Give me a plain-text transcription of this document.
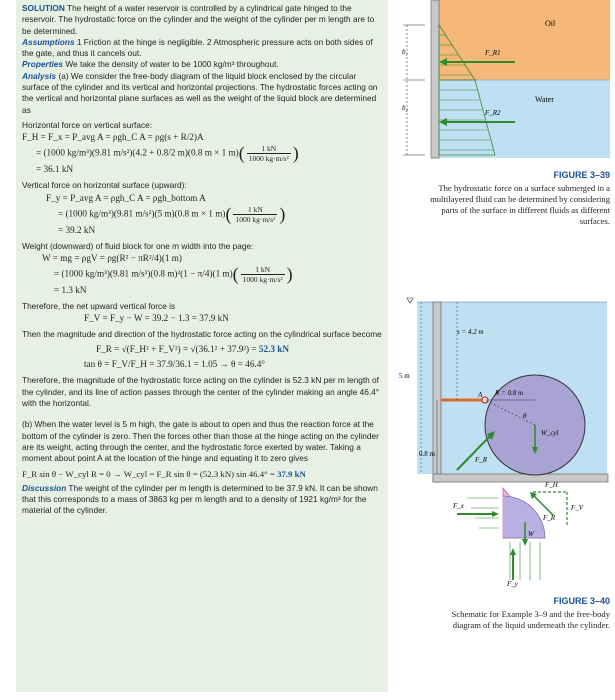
SOLUTION The height of a water reservoir is controlled by a cylindrical gate hinged to the reservoir. The hydrostatic force on the cylinder and the weight of the cylinder per m length are to be determined.

Assumptions 1 Friction at the hinge is negligible. 2 Atmospheric pressure acts on both sides of the gate, and thus it cancels out.

Properties We take the density of water to be 1000 kg/m³ throughout.

Analysis (a) We consider the free-body diagram of the liquid block enclosed by the circular surface of the cylinder and its vertical and horizontal projections. The hydrostatic forces acting on the vertical and horizontal plane surfaces as well as the weight of the liquid block are determined as

Horizontal force on vertical surface:

F_H = F_x = P_avg A = ρgh_C A = ρg(s + R/2)A
= (1000 kg/m³)(9.81 m/s²)(4.2 + 0.8/2 m)(0.8 m × 1 $m)( \frac{1 kN}{\text{1000 kg·m/s²}}$ )
= 36.1 kN

Vertical force on horizontal surface (upward):

F_y = P_avg A = ρgh_C A = ρgh_bottom A
= (1000 kg/m³)(9.81 m/s²)(5 m)(0.8 m × 1 $m)( \frac{1 kN}{\text{1000 kg·m/s²}}$ )
= 39.2 kN

Weight (downward) of fluid block for one m width into the page:

W = mg = ρgV = ρg(R² − πR²/4)(1 m)
= (1000 kg/m³)(9.81 m/s²)(0.8 m)²(1 − π/4)(1 $m)( \frac{1 kN}{\text{1000 kg·m/s²}}$ )
= 1.3 kN

Therefore, the net upward vertical force is

F_V = F_y − W = 39.2 − 1.3 = 37.9 kN

Then the magnitude and direction of the hydrostatic force acting on the cylindrical surface become

F_R = √(F_H² + F_V²) = √(36.1² + 37.9²) = 52.3 kN
tan θ = F_V/F_H = 37.9/36.1 = 1.05 → θ = 46.4°

Therefore, the magnitude of the hydrostatic force acting on the cylinder is 52.3 kN per m length of the cylinder, and its line of action passes through the center of the cylinder making an angle 46.4° with the horizontal.

(b) When the water level is 5 m high, the gate is about to open and thus the reaction force at the bottom of the cylinder is zero. Then the forces other than those at the hinge acting on the cylinder are its weight, acting through the center, and the hydrostatic force exerted by water. Taking a moment about point A at the location of the hinge and equating it to zero gives

F_R sin θ − W_cyl R = 0 → W_cyl = F_R sin θ = (52.3 kN) sin 46.4° = 37.9 kN

Discussion The weight of the cylinder per m length is determined to be 37.9 kN. It can be shown that this corresponds to a mass of 3863 kg per m length and to a density of 1921 kg/m³ for the material of the cylinder.

b₁
b₂
F_R1
F_R2
Oil
Water
FIGURE 3–39
The hydrostatic force on a surface submerged in a multilayered fluid can be determined by considering parts of the surface in different fluids as different surfaces.
s = 4.2 m
5 m
0.8 m
R = 0.8 m
A
θ
W_cyl
F_R
F_x
F_H
F_V
F_R
F_y
W
FIGURE 3–40
Schematic for Example 3–9 and the free-body diagram of the liquid underneath the cylinder.
